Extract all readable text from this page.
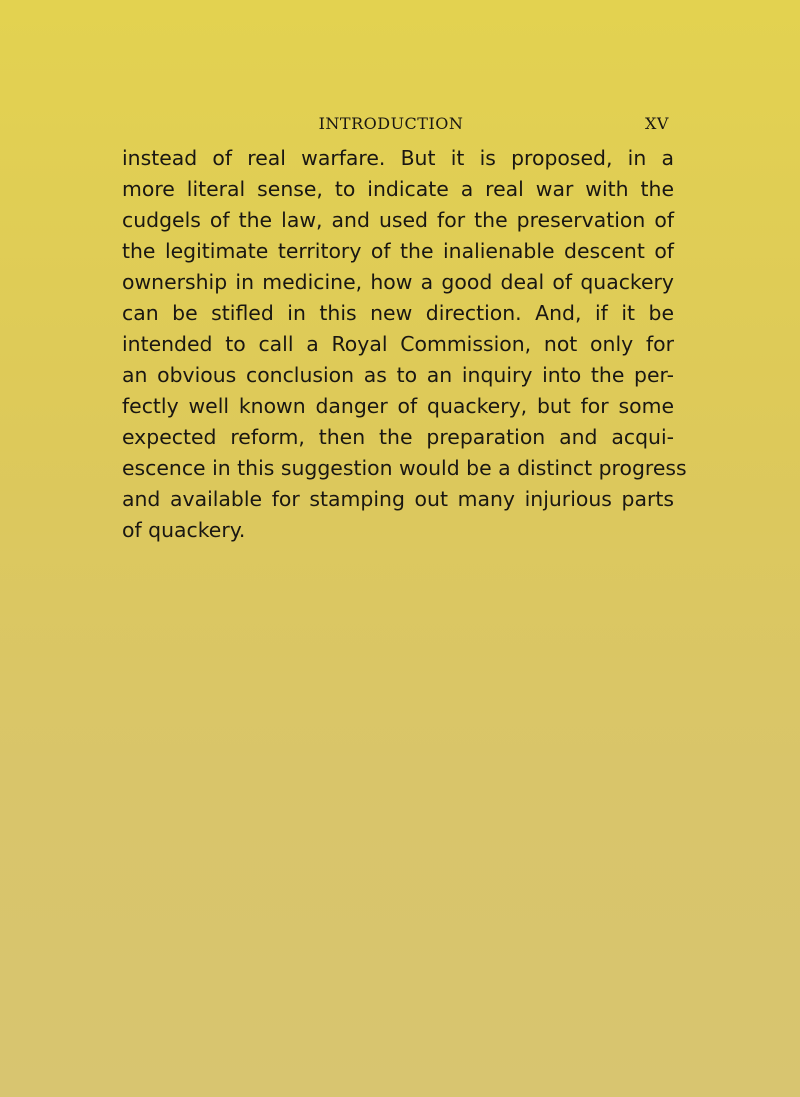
INTRODUCTION	XV
instead of real warfare. But it is proposed, in a
more literal sense, to indicate a real war with the
cudgels of the law, and used for the preservation of
the legitimate territory of the inalienable descent of
ownership in medicine, how a good deal of quackery
can be stifled in this new direction. And, if it be
intended to call a Royal Commission, not only for
an obvious conclusion as to an inquiry into the per-
fectly well known danger of quackery, but for some
expected reform, then the preparation and acqui-
escence in this suggestion would be a distinct progress
and available for stamping out many injurious parts
of quackery.
